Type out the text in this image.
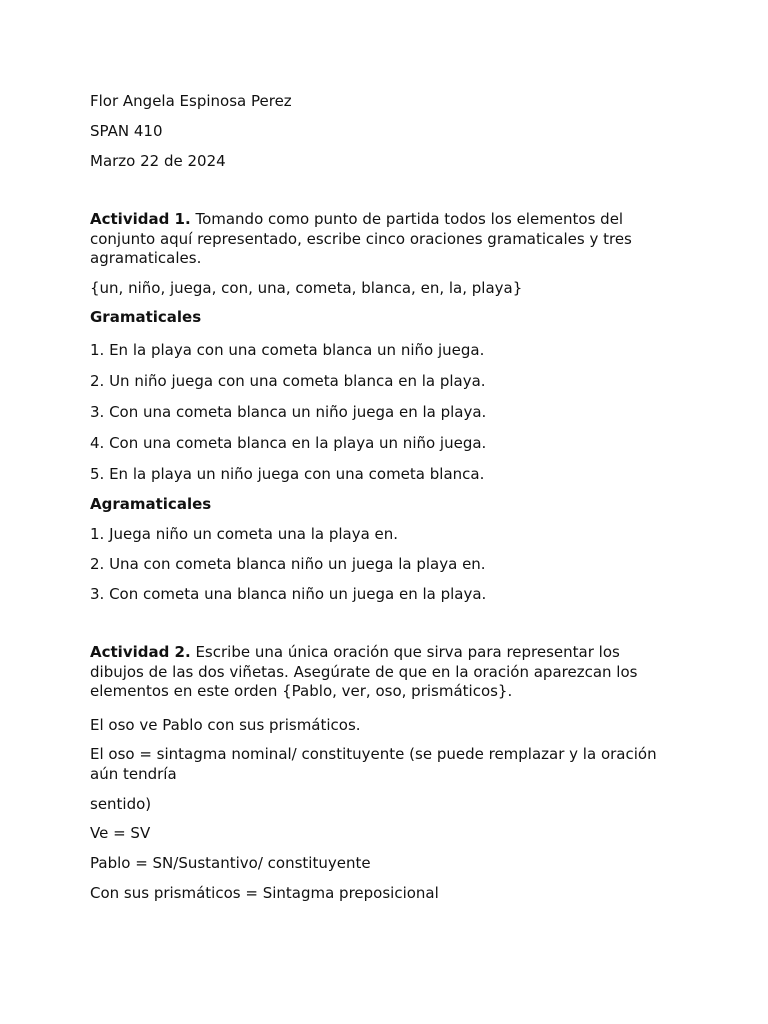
Flor Angela Espinosa Perez
SPAN 410
Marzo 22 de 2024
Actividad 1. Tomando como punto de partida todos los elementos del conjunto aquí representado, escribe cinco oraciones gramaticales y tres agramaticales.
{un, niño, juega, con, una, cometa, blanca, en, la, playa}
Gramaticales
1. En la playa con una cometa blanca un niño juega.
2. Un niño juega con una cometa blanca en la playa.
3. Con una cometa blanca un niño juega en la playa.
4. Con una cometa blanca en la playa un niño juega.
5. En la playa un niño juega con una cometa blanca.
Agramaticales
1. Juega niño un cometa una la playa en.
2. Una con cometa blanca niño un juega la playa en.
3. Con cometa una blanca niño un juega en la playa.
Actividad 2. Escribe una única oración que sirva para representar los dibujos de las dos viñetas. Asegúrate de que en la oración aparezcan los elementos en este orden {Pablo, ver, oso, prismáticos}.
El oso ve Pablo con sus prismáticos.
El oso = sintagma nominal/ constituyente (se puede remplazar y la oración aún tendría
sentido)
Ve = SV
Pablo = SN/Sustantivo/ constituyente
Con sus prismáticos = Sintagma preposicional
